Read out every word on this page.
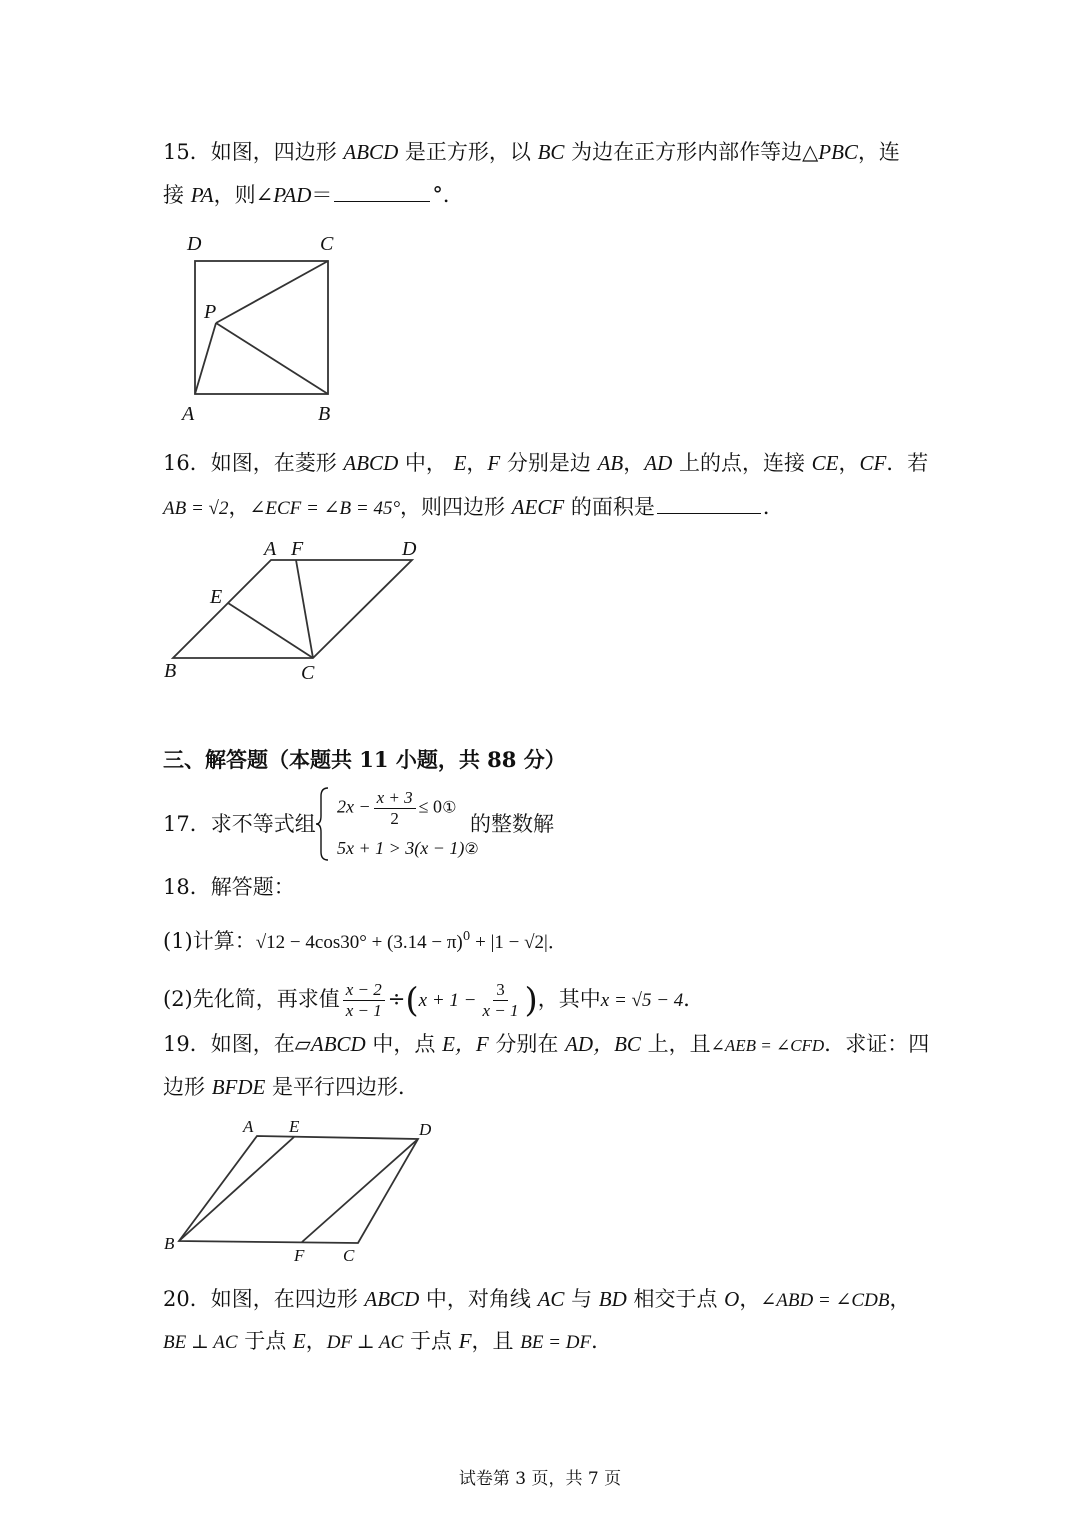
15．如图，四边形 ABCD 是正方形，以 BC 为边在正方形内部作等边△PBC，连
接 PA，则∠PAD＝	°．
D	C
P
A	B
16．如图，在菱形 ABCD 中， E，F 分别是边 AB，AD 上的点，连接 CE，CF．若
AB = √2，∠ECF = ∠B = 45°，则四边形 AECF 的面积是	．
A F	D
E
B	C
三、解答题（本题共 11 小题，共 88 分）
17．求不等式组
$2x - \frac{x + 3}{2}$ ≤ 0①
5x + 1 > 3(x − 1)②
的整数解
18．解答题：
(1)计算：$√12 - 4\cos 30^\circ + (3.14 - \pi)^0 + |1 - √2|$．
(2)先化简，再求值 $\frac{x - 2}{x - 1} \div(x + 1 - \frac{3}{x - 1}$ )，其中x = √5 − 4．
19．如图，在▱ABCD 中，点 E，F 分别在 AD，BC 上，且∠AEB = ∠CFD．求证：四
边形 BFDE 是平行四边形．
A E	D
B
F C
20．如图，在四边形 ABCD 中，对角线 AC 与 BD 相交于点 O，∠ABD = ∠CDB，
BE ⊥ AC 于点 E，DF ⊥ AC 于点 F，且 BE = DF．
试卷第 3 页，共 7 页
